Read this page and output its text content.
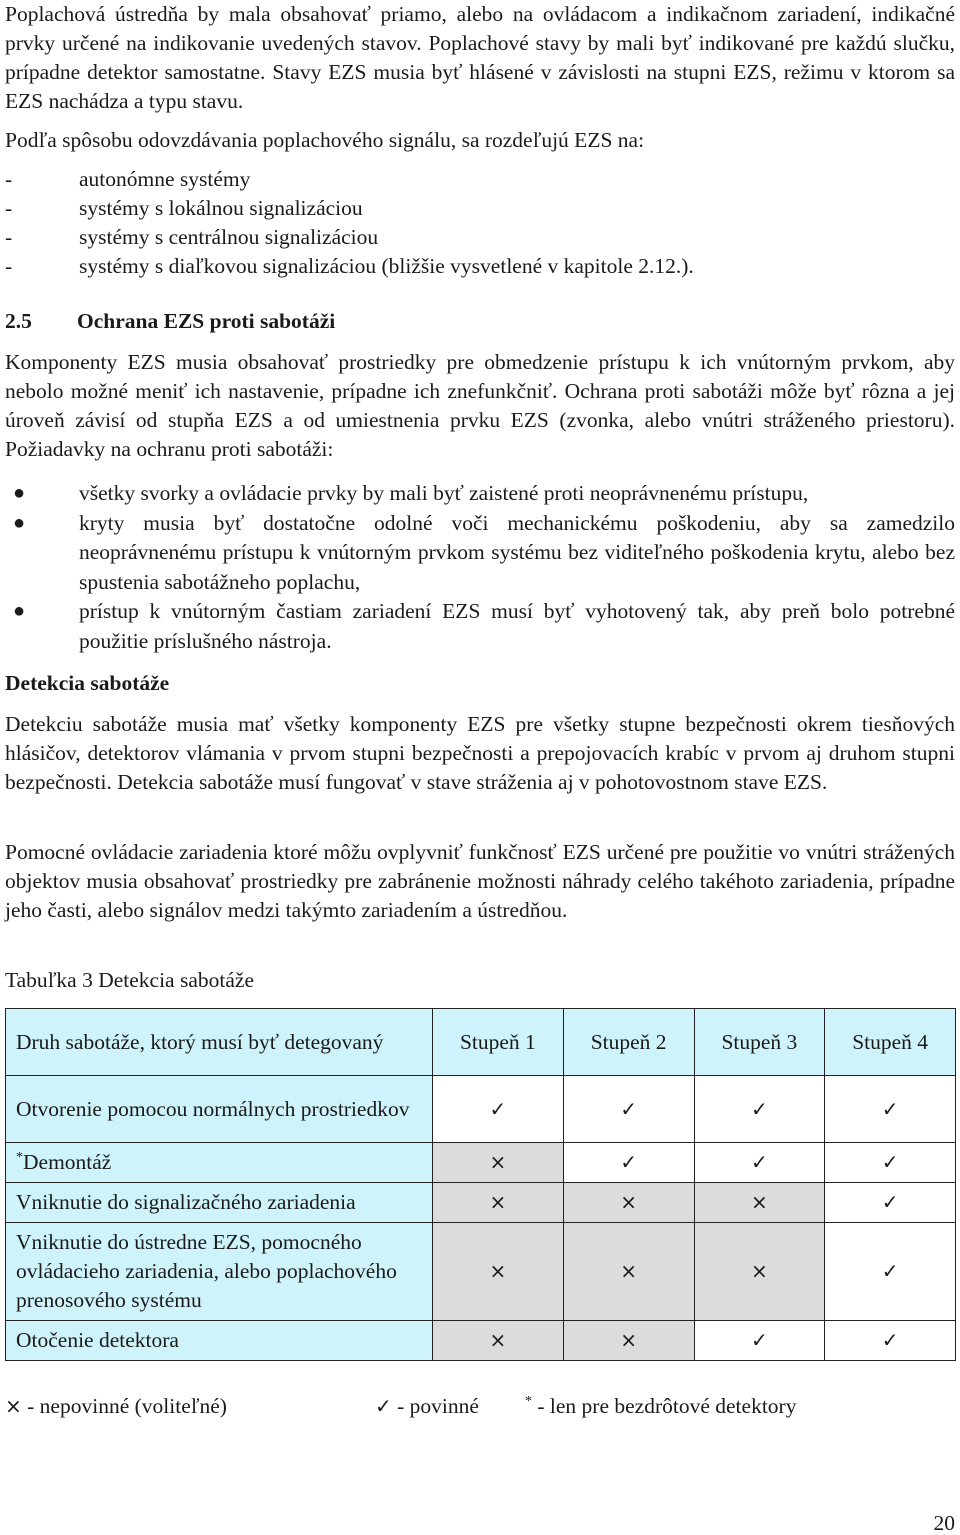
Poplachová ústredňa by mala obsahovať priamo, alebo na ovládacom a indikačnom zariadení, indikačné prvky určené na indikovanie uvedených stavov. Poplachové stavy by mali byť indikované pre každú slučku, prípadne detektor samostatne. Stavy EZS musia byť hlásené v závislosti na stupni EZS, režimu v ktorom sa EZS nachádza a typu stavu.

Podľa spôsobu odovzdávania poplachového signálu, sa rozdeľujú EZS na:

-	autonómne systémy
-	systémy s lokálnou signalizáciou
-	systémy s centrálnou signalizáciou
-	systémy s diaľkovou signalizáciou (bližšie vysvetlené v kapitole 2.12.).
2.5 Ochrana EZS proti sabotáži

Komponenty EZS musia obsahovať prostriedky pre obmedzenie prístupu k ich vnútorným prvkom, aby nebolo možné meniť ich nastavenie, prípadne ich znefunkčniť. Ochrana proti sabotáži môže byť rôzna a jej úroveň závisí od stupňa EZS a od umiestnenia prvku EZS (zvonka, alebo vnútri stráženého priestoru). Požiadavky na ochranu proti sabotáži:

●	všetky svorky a ovládacie prvky by mali byť zaistené proti neoprávnenému prístupu,
●	kryty musia byť dostatočne odolné voči mechanickému poškodeniu, aby sa zamedzilo neoprávnenému prístupu k vnútorným prvkom systému bez viditeľného poškodenia krytu, alebo bez spustenia sabotážneho poplachu,
●	prístup k vnútorným častiam zariadení EZS musí byť vyhotovený tak, aby preň bolo potrebné použitie príslušného nástroja.
Detekcia sabotáže

Detekciu sabotáže musia mať všetky komponenty EZS pre všetky stupne bezpečnosti okrem tiesňových hlásičov, detektorov vlámania v prvom stupni bezpečnosti a prepojovacích krabíc v prvom aj druhom stupni bezpečnosti. Detekcia sabotáže musí fungovať v stave stráženia aj v pohotovostnom stave EZS.

Pomocné ovládacie zariadenia ktoré môžu ovplyvniť funkčnosť EZS určené pre použitie vo vnútri strážených objektov musia obsahovať prostriedky pre zabránenie možnosti náhrady celého takéhoto zariadenia, prípadne jeho časti, alebo signálov medzi takýmto zariadením a ústredňou.

Tabuľka 3 Detekcia sabotáže
Druh sabotáže, ktorý musí byť detegovaný	Stupeň 1	Stupeň 2	Stupeň 3	Stupeň 4
Otvorenie pomocou normálnych prostriedkov	✓	✓	✓	✓
*Demontáž	×	✓	✓	✓
Vniknutie do signalizačného zariadenia	×	×	×	✓
Vniknutie do ústredne EZS, pomocného ovládacieho zariadenia, alebo poplachového prenosového systému	×	×	×	✓
Otočenie detektora	×	×	✓	✓
× - nepovinné (voliteľné)	✓ - povinné	* - len pre bezdrôtové detektory
20
